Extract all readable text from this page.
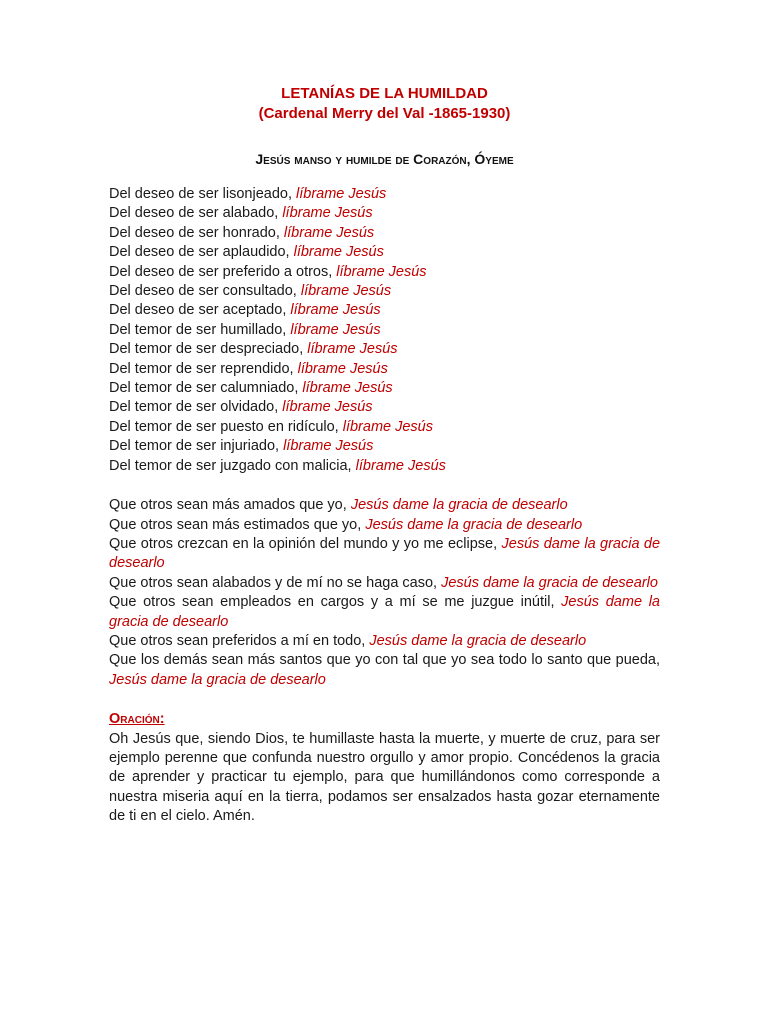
LETANÍAS DE LA HUMILDAD

(Cardenal Merry del Val -1865-1930)

Jesús manso y humilde de Corazón, Óyeme

Del deseo de ser lisonjeado, líbrame Jesús

Del deseo de ser alabado, líbrame Jesús

Del deseo de ser honrado, líbrame Jesús

Del deseo de ser aplaudido, líbrame Jesús

Del deseo de ser preferido a otros, líbrame Jesús

Del deseo de ser consultado, líbrame Jesús

Del deseo de ser aceptado, líbrame Jesús

Del temor de ser humillado, líbrame Jesús

Del temor de ser despreciado, líbrame Jesús

Del temor de ser reprendido, líbrame Jesús

Del temor de ser calumniado, líbrame Jesús

Del temor de ser olvidado, líbrame Jesús

Del temor de ser puesto en ridículo, líbrame Jesús

Del temor de ser injuriado, líbrame Jesús

Del temor de ser juzgado con malicia, líbrame Jesús

Que otros sean más amados que yo, Jesús dame la gracia de desearlo

Que otros sean más estimados que yo, Jesús dame la gracia de desearlo

Que otros crezcan en la opinión del mundo y yo me eclipse, Jesús dame la gracia de desearlo

Que otros sean alabados y de mí no se haga caso, Jesús dame la gracia de desearlo

Que otros sean empleados en cargos y a mí se me juzgue inútil, Jesús dame la gracia de desearlo

Que otros sean preferidos a mí en todo, Jesús dame la gracia de desearlo

Que los demás sean más santos que yo con tal que yo sea todo lo santo que pueda, Jesús dame la gracia de desearlo

Oración:

Oh Jesús que, siendo Dios, te humillaste hasta la muerte, y muerte de cruz, para ser ejemplo perenne que confunda nuestro orgullo y amor propio. Concédenos la gracia de aprender y practicar tu ejemplo, para que humillándonos como corresponde a nuestra miseria aquí en la tierra, podamos ser ensalzados hasta gozar eternamente de ti en el cielo. Amén.
